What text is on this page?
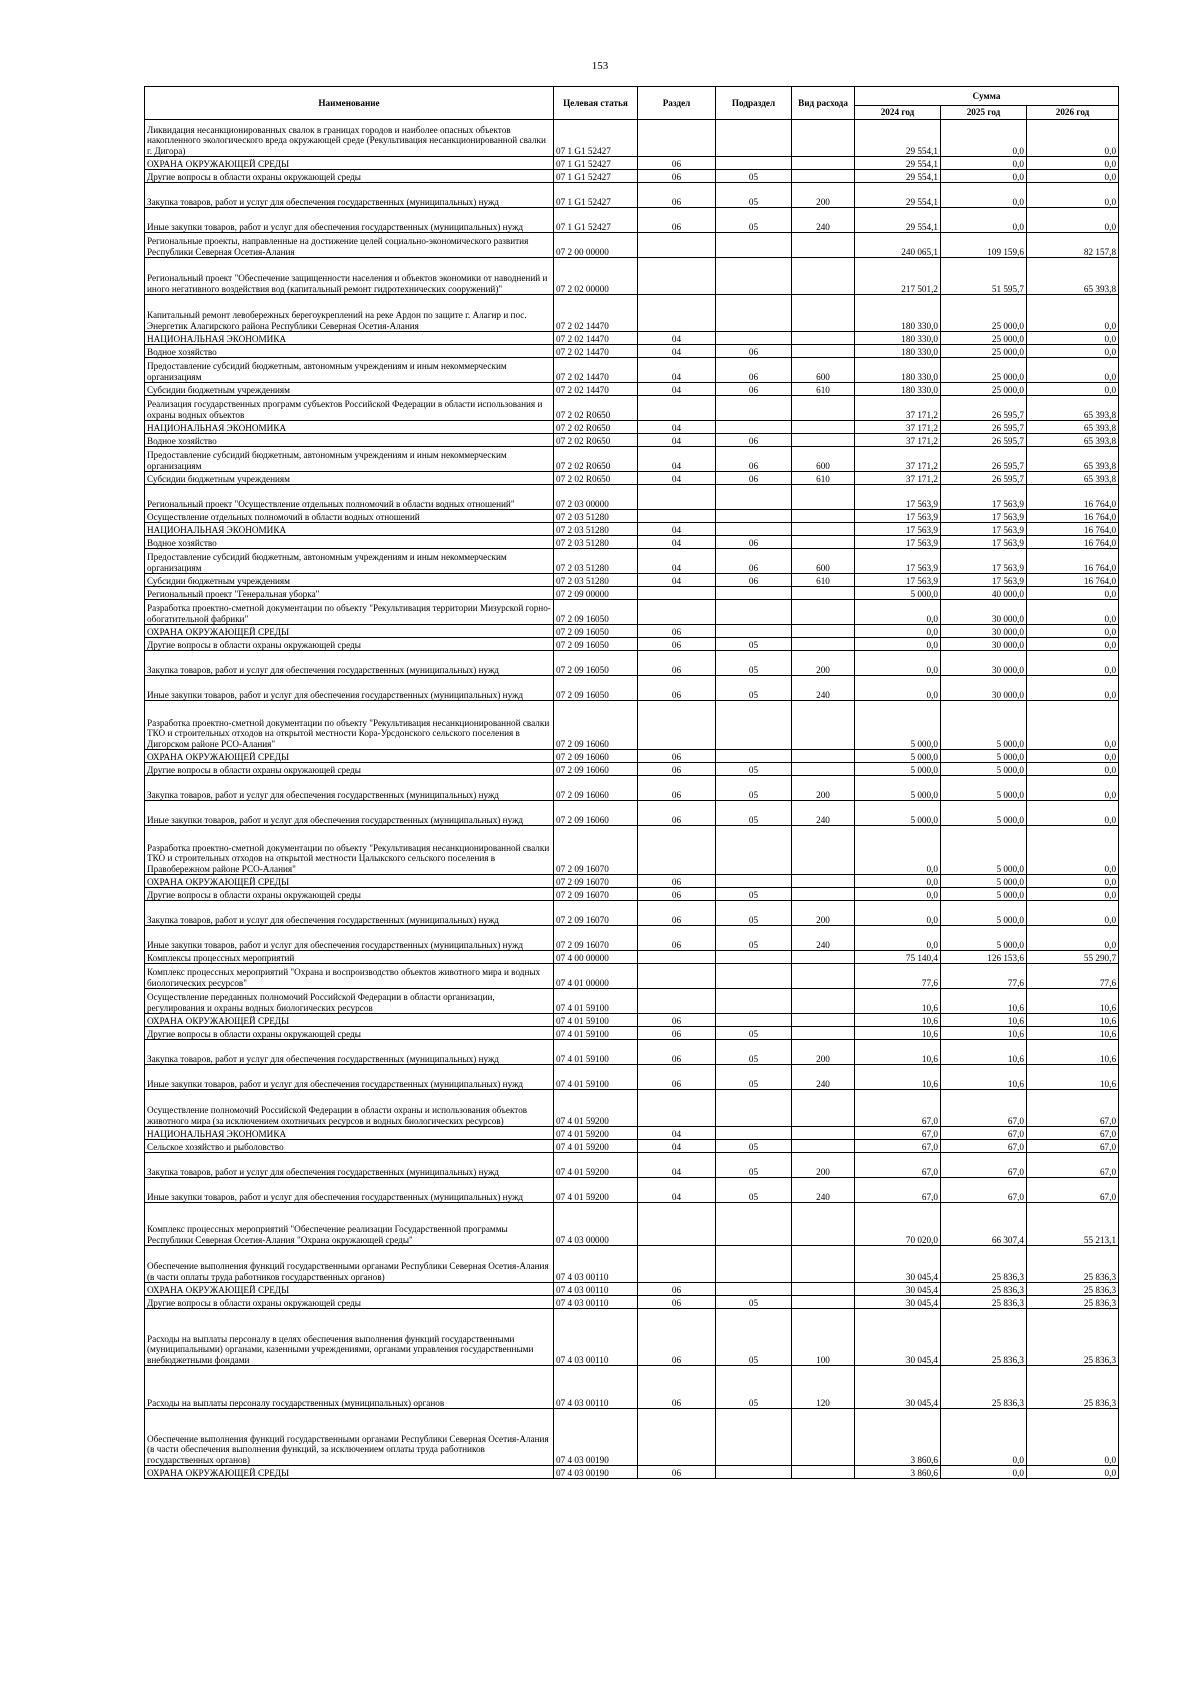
153
Наименование	Целевая статья	Раздел	Подраздел	Вид расхода	Сумма		
					2024 год	2025 год	2026 год
Ликвидация несанкционированных свалок в границах городов и наиболее опасных объектов накопленного экологического вреда окружающей среде (Рекультивация несанкционированной свалки г. Дигора)	07 1 G1 52427				29 554,1	0,0	0,0
ОХРАНА ОКРУЖАЮЩЕЙ СРЕДЫ	07 1 G1 52427	06			29 554,1	0,0	0,0
Другие вопросы в области охраны окружающей среды	07 1 G1 52427	06	05		29 554,1	0,0	0,0
Закупка товаров, работ и услуг для обеспечения государственных (муниципальных) нужд	07 1 G1 52427	06	05	200	29 554,1	0,0	0,0
Иные закупки товаров, работ и услуг для обеспечения государственных (муниципальных) нужд	07 1 G1 52427	06	05	240	29 554,1	0,0	0,0
Региональные проекты, направленные на достижение целей социально-экономического развития Республики Северная Осетия-Алания	07 2 00 00000				240 065,1	109 159,6	82 157,8
Региональный проект "Обеспечение защищенности населения и объектов экономики от наводнений и иного негативного воздействия вод (капитальный ремонт гидротехнических сооружений)"	07 2 02 00000				217 501,2	51 595,7	65 393,8
Капитальный ремонт левобережных берегоукреплений на реке Ардон по защите г. Алагир и пос. Энергетик Алагирского района Республики Северная Осетия-Алания	07 2 02 14470				180 330,0	25 000,0	0,0
НАЦИОНАЛЬНАЯ ЭКОНОМИКА	07 2 02 14470	04			180 330,0	25 000,0	0,0
Водное хозяйство	07 2 02 14470	04	06		180 330,0	25 000,0	0,0
Предоставление субсидий бюджетным, автономным учреждениям и иным некоммерческим организациям	07 2 02 14470	04	06	600	180 330,0	25 000,0	0,0
Субсидии бюджетным учреждениям	07 2 02 14470	04	06	610	180 330,0	25 000,0	0,0
Реализация государственных программ субъектов Российской Федерации в области использования и охраны водных объектов	07 2 02 R0650				37 171,2	26 595,7	65 393,8
НАЦИОНАЛЬНАЯ ЭКОНОМИКА	07 2 02 R0650	04			37 171,2	26 595,7	65 393,8
Водное хозяйство	07 2 02 R0650	04	06		37 171,2	26 595,7	65 393,8
Предоставление субсидий бюджетным, автономным учреждениям и иным некоммерческим организациям	07 2 02 R0650	04	06	600	37 171,2	26 595,7	65 393,8
Субсидии бюджетным учреждениям	07 2 02 R0650	04	06	610	37 171,2	26 595,7	65 393,8
Региональный проект "Осуществление отдельных полномочий в области водных отношений"	07 2 03 00000				17 563,9	17 563,9	16 764,0
Осуществление отдельных полномочий в области водных отношений	07 2 03 51280				17 563,9	17 563,9	16 764,0
НАЦИОНАЛЬНАЯ ЭКОНОМИКА	07 2 03 51280	04			17 563,9	17 563,9	16 764,0
Водное хозяйство	07 2 03 51280	04	06		17 563,9	17 563,9	16 764,0
Предоставление субсидий бюджетным, автономным учреждениям и иным некоммерческим организациям	07 2 03 51280	04	06	600	17 563,9	17 563,9	16 764,0
Субсидии бюджетным учреждениям	07 2 03 51280	04	06	610	17 563,9	17 563,9	16 764,0
Региональный проект "Генеральная уборка"	07 2 09 00000				5 000,0	40 000,0	0,0
Разработка проектно-сметной документации по объекту "Рекультивация территории Мизурской горно-обогатительной фабрики"	07 2 09 16050				0,0	30 000,0	0,0
ОХРАНА ОКРУЖАЮЩЕЙ СРЕДЫ	07 2 09 16050	06			0,0	30 000,0	0,0
Другие вопросы в области охраны окружающей среды	07 2 09 16050	06	05		0,0	30 000,0	0,0
Закупка товаров, работ и услуг для обеспечения государственных (муниципальных) нужд	07 2 09 16050	06	05	200	0,0	30 000,0	0,0
Иные закупки товаров, работ и услуг для обеспечения государственных (муниципальных) нужд	07 2 09 16050	06	05	240	0,0	30 000,0	0,0
Разработка проектно-сметной документации по объекту "Рекультивация несанкционированной свалки ТКО и строительных отходов на открытой местности Кора-Урсдонского сельского поселения в Дигорском районе РСО-Алания"	07 2 09 16060				5 000,0	5 000,0	0,0
ОХРАНА ОКРУЖАЮЩЕЙ СРЕДЫ	07 2 09 16060	06			5 000,0	5 000,0	0,0
Другие вопросы в области охраны окружающей среды	07 2 09 16060	06	05		5 000,0	5 000,0	0,0
Закупка товаров, работ и услуг для обеспечения государственных (муниципальных) нужд	07 2 09 16060	06	05	200	5 000,0	5 000,0	0,0
Иные закупки товаров, работ и услуг для обеспечения государственных (муниципальных) нужд	07 2 09 16060	06	05	240	5 000,0	5 000,0	0,0
Разработка проектно-сметной документации по объекту "Рекультивация несанкционированной свалки ТКО и строительных отходов на открытой местности Цалыкского сельского поселения в Правобережном районе РСО-Алания"	07 2 09 16070				0,0	5 000,0	0,0
ОХРАНА ОКРУЖАЮЩЕЙ СРЕДЫ	07 2 09 16070	06			0,0	5 000,0	0,0
Другие вопросы в области охраны окружающей среды	07 2 09 16070	06	05		0,0	5 000,0	0,0
Закупка товаров, работ и услуг для обеспечения государственных (муниципальных) нужд	07 2 09 16070	06	05	200	0,0	5 000,0	0,0
Иные закупки товаров, работ и услуг для обеспечения государственных (муниципальных) нужд	07 2 09 16070	06	05	240	0,0	5 000,0	0,0
Комплексы процессных мероприятий	07 4 00 00000				75 140,4	126 153,6	55 290,7
Комплекс процессных мероприятий "Охрана и воспроизводство объектов животного мира и водных биологических ресурсов"	07 4 01 00000				77,6	77,6	77,6
Осуществление переданных полномочий Российской Федерации в области организации, регулирования и охраны водных биологических ресурсов	07 4 01 59100				10,6	10,6	10,6
ОХРАНА ОКРУЖАЮЩЕЙ СРЕДЫ	07 4 01 59100	06			10,6	10,6	10,6
Другие вопросы в области охраны окружающей среды	07 4 01 59100	06	05		10,6	10,6	10,6
Закупка товаров, работ и услуг для обеспечения государственных (муниципальных) нужд	07 4 01 59100	06	05	200	10,6	10,6	10,6
Иные закупки товаров, работ и услуг для обеспечения государственных (муниципальных) нужд	07 4 01 59100	06	05	240	10,6	10,6	10,6
Осуществление полномочий Российской Федерации в области охраны и использования объектов животного мира (за исключением охотничьих ресурсов и водных биологических ресурсов)	07 4 01 59200				67,0	67,0	67,0
НАЦИОНАЛЬНАЯ ЭКОНОМИКА	07 4 01 59200	04			67,0	67,0	67,0
Сельское хозяйство и рыболовство	07 4 01 59200	04	05		67,0	67,0	67,0
Закупка товаров, работ и услуг для обеспечения государственных (муниципальных) нужд	07 4 01 59200	04	05	200	67,0	67,0	67,0
Иные закупки товаров, работ и услуг для обеспечения государственных (муниципальных) нужд	07 4 01 59200	04	05	240	67,0	67,0	67,0
Комплекс процессных мероприятий "Обеспечение реализации Государственной программы Республики Северная Осетия-Алания "Охрана окружающей среды"	07 4 03 00000				70 020,0	66 307,4	55 213,1
Обеспечение выполнения функций государственными органами Республики Северная Осетия-Алания (в части оплаты труда работников государственных органов)	07 4 03 00110				30 045,4	25 836,3	25 836,3
ОХРАНА ОКРУЖАЮЩЕЙ СРЕДЫ	07 4 03 00110	06			30 045,4	25 836,3	25 836,3
Другие вопросы в области охраны окружающей среды	07 4 03 00110	06	05		30 045,4	25 836,3	25 836,3
Расходы на выплаты персоналу в целях обеспечения выполнения функций государственными (муниципальными) органами, казенными учреждениями, органами управления государственными внебюджетными фондами	07 4 03 00110	06	05	100	30 045,4	25 836,3	25 836,3
Расходы на выплаты персоналу государственных (муниципальных) органов	07 4 03 00110	06	05	120	30 045,4	25 836,3	25 836,3
Обеспечение выполнения функций государственными органами Республики Северная Осетия-Алания (в части обеспечения выполнения функций, за исключением оплаты труда работников государственных органов)	07 4 03 00190				3 860,6	0,0	0,0
ОХРАНА ОКРУЖАЮЩЕЙ СРЕДЫ	07 4 03 00190	06			3 860,6	0,0	0,0
